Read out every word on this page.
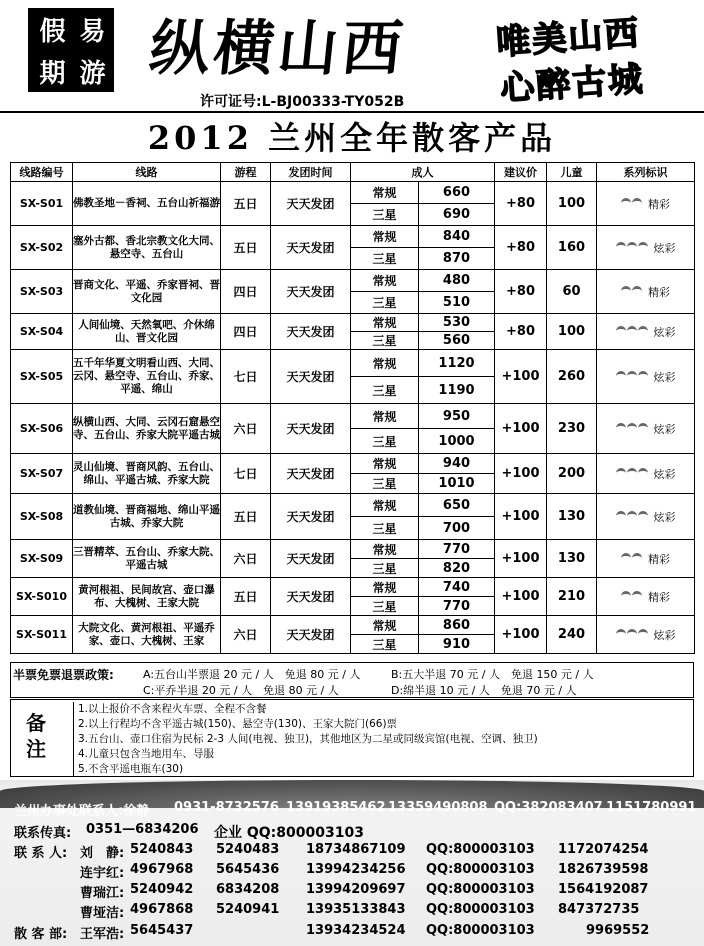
假 易
期 游 纵横山西	唯美山西
心醉古城
许可证号:L-BJ00333-TY052B
2012 兰州全年散客产品
线路编号	线路	游程	发团时间	成人		建议价	儿童	系列标识
SX-S01	佛教圣地－香祠、五台山祈福游	五日	天天发团	常规	660	+80	100	精彩

				三星	690			
SX-S02	塞外古都、香北宗教文化大同、悬空寺、五台山	五日	天天发团	常规	840	+80	160	炫彩

				三星	870			
SX-S03	晋商文化、平遥、乔家晋祠、晋文化园	四日	天天发团	常规	480	+80	60	精彩

				三星	510			
SX-S04	人间仙境、天然氧吧、介休绵山、晋文化园	四日	天天发团	常规	530	+80	100	炫彩

				三星	560			
SX-S05	五千年华夏文明看山西、大同、云冈、悬空寺、五台山、乔家、平遥、绵山	七日	天天发团	常规	1120	+100	260	炫彩

				三星	1190			
SX-S06	纵横山西、大同、云冈石窟悬空寺、五台山、乔家大院平遥古城	六日	天天发团	常规	950	+100	230	炫彩

				三星	1000			
SX-S07	灵山仙境、晋商风韵、五台山、绵山、平遥古城、乔家大院	七日	天天发团	常规	940	+100	200	炫彩

				三星	1010			
SX-S08	道教仙境、晋商福地、绵山平遥古城、乔家大院	五日	天天发团	常规	650	+100	130	炫彩

				三星	700			
SX-S09	三晋精萃、五台山、乔家大院、平遥古城	六日	天天发团	常规	770	+100	130	精彩

				三星	820			
SX-S010	黄河根祖、民间故宫、壶口瀑布、大槐树、王家大院	五日	天天发团	常规	740	+100	210	精彩

				三星	770			
SX-S011	大院文化、黄河根祖、平遥乔家、壶口、大槐树、王家	六日	天天发团	常规	860	+100	240	炫彩

				三星	910			
半票免票退票政策:	A:五台山半票退 20 元 / 人　免退 80 元 / 人	B:五大半退 70 元 / 人　免退 150 元 / 人
C:平乔半退 20 元 / 人　免退 80 元 / 人	D:绵半退 10 元 / 人　免退 70 元 / 人
备注
1.以上报价不含来程火车票、全程不含餐
2.以上行程均不含平遥古城(150)、悬空寺(130)、王家大院门(66)票
3.五台山、壶口住宿为民标 2-3 人间(电视、独卫)，其他地区为二星或同级宾馆(电视、空调、独卫)
4.儿童只包含当地用车、导服
5.不含平遥电瓶车(30)
兰州办事处联系人:徐静 0931-8732576 13919385462 13359490808 QQ:382083407 1151780991
联系传真: 0351—6834206 企业 QQ:800003103
联 系 人: 刘　静: 5240843 5240483 18734867109 QQ:800003103 1172074254
连宇红: 4967968 5645436 13994234256 QQ:800003103 1826739598
曹瑞江: 5240942 6834208 13994209697 QQ:800003103 1564192087
曹垭洁: 4967868 5240941 13935133843 QQ:800003103 847372735
散 客 部: 王军浩: 5645437	13934234524 QQ:800003103	9969552
